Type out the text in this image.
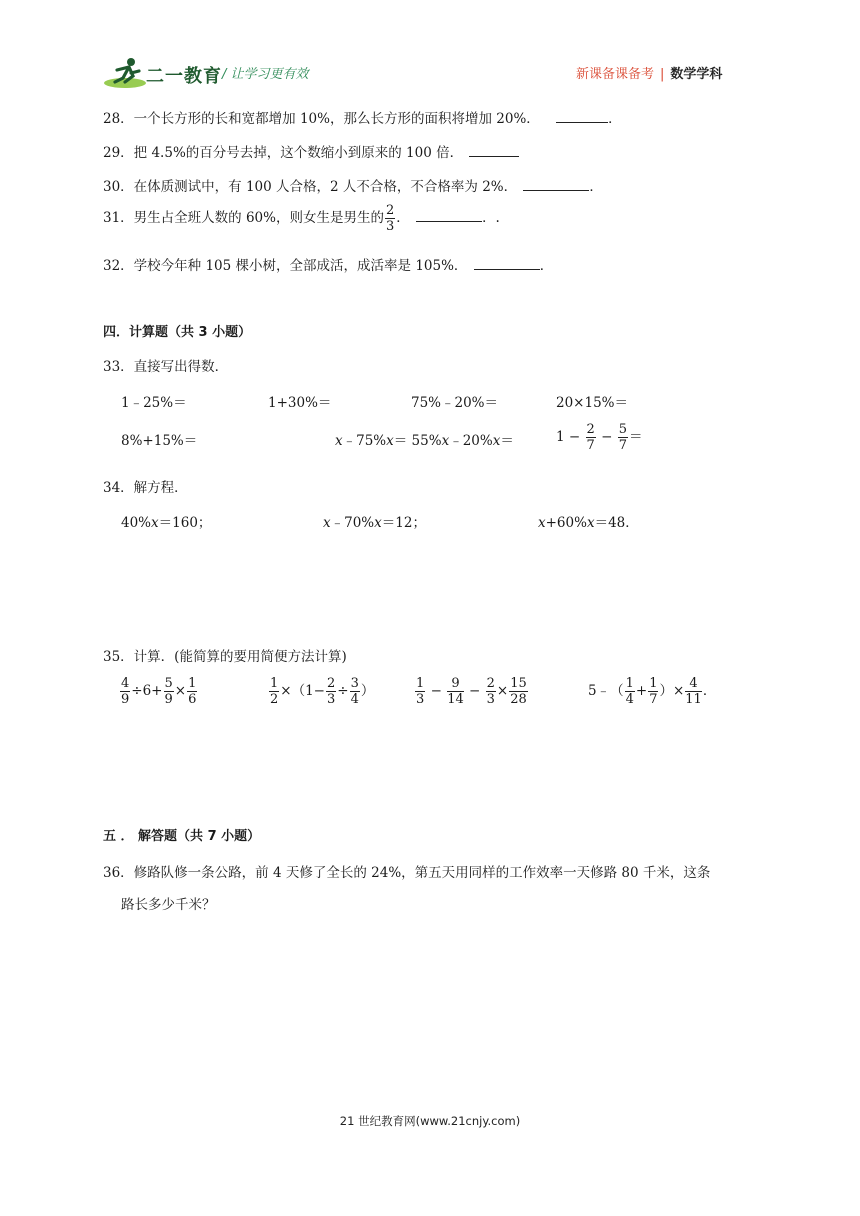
二一教育 / 让学习更有效	新课备课备考 | 数学学科
28．一个长方形的长和宽都增加 10%，那么长方形的面积将增加 20%．	．
29．把 4.5%的百分号去掉，这个数缩小到原来的 100 倍．
30．在体质测试中，有 100 人合格，2 人不合格，不合格率为 2%．	．
31．男生占全班人数的 60%，则女生是男生的 $\frac{2}{3}$ ．	．.
32．学校今年种 105 棵小树，全部成活，成活率是 105%．	．
四．计算题（共 3 小题）
33．直接写出得数．
1﹣25%＝	1+30%＝	75%﹣20%＝	20×15%＝
8%+15%＝	x﹣75%x＝ 55%x﹣20%x＝	$1 - \frac{2}{7} - \frac{5}{7}$ ＝
34．解方程．
40%x＝160；	x﹣70%x＝12；	x+60%x＝48．
35．计算．(能简算的要用简便方法计算)
$\frac{4}{9} \div 6+ \frac{5}{9} \times \frac{1}{6}$	$\frac{1}{2} \times(1- \frac{2}{3} \div \frac{3}{4}$ ）	$\frac{1}{3} - \frac{9}{14} - \frac{2}{3} \times \frac{15}{28}$	5﹣（ $\frac{1}{4} + \frac{1}{7}$ ）× $\frac{4}{11}$ ．
五 ． 解答题（共 7 小题）
36．修路队修一条公路，前 4 天修了全长的 24%，第五天用同样的工作效率一天修路 80 千米，这条
路长多少千米？
21 世纪教育网(www.21cnjy.com)
